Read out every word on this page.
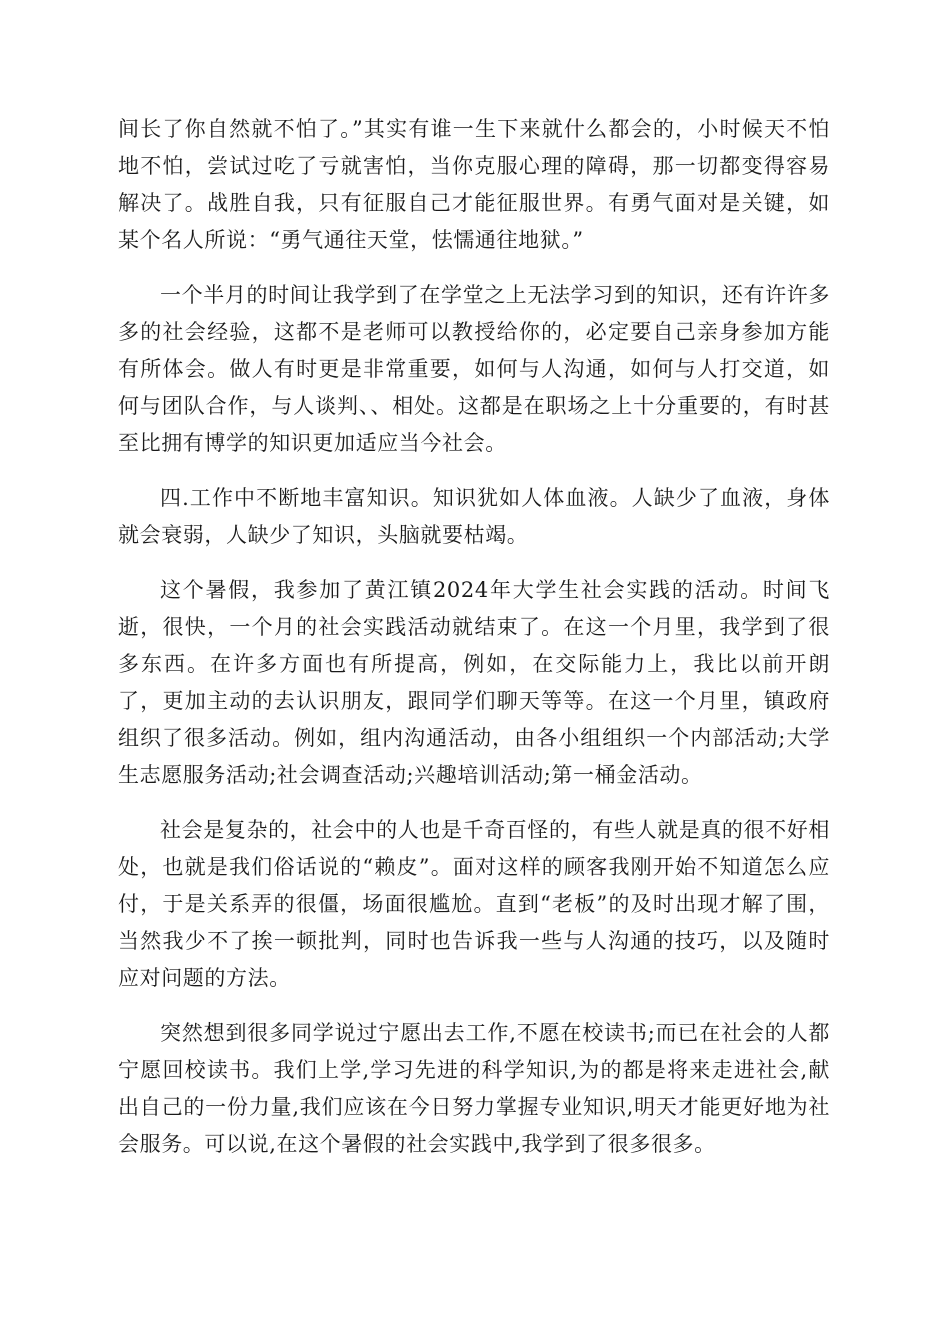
间长了你自然就不怕了。”其实有谁一生下来就什么都会的，小时候天不怕地不怕，尝试过吃了亏就害怕，当你克服心理的障碍，那一切都变得容易解决了。战胜自我，只有征服自己才能征服世界。有勇气面对是关键，如某个名人所说：“勇气通往天堂，怯懦通往地狱。”

一个半月的时间让我学到了在学堂之上无法学习到的知识，还有许许多多的社会经验，这都不是老师可以教授给你的，必定要自己亲身参加方能有所体会。做人有时更是非常重要，如何与人沟通，如何与人打交道，如何与团队合作，与人谈判、、相处。这都是在职场之上十分重要的，有时甚至比拥有博学的知识更加适应当今社会。

四.工作中不断地丰富知识。知识犹如人体血液。人缺少了血液，身体就会衰弱，人缺少了知识，头脑就要枯竭。

这个暑假，我参加了黄江镇2024年大学生社会实践的活动。时间飞逝，很快，一个月的社会实践活动就结束了。在这一个月里，我学到了很多东西。在许多方面也有所提高，例如，在交际能力上，我比以前开朗了，更加主动的去认识朋友，跟同学们聊天等等。在这一个月里，镇政府组织了很多活动。例如，组内沟通活动，由各小组组织一个内部活动;大学生志愿服务活动;社会调查活动;兴趣培训活动;第一桶金活动。

社会是复杂的，社会中的人也是千奇百怪的，有些人就是真的很不好相处，也就是我们俗话说的“赖皮”。面对这样的顾客我刚开始不知道怎么应付，于是关系弄的很僵，场面很尴尬。直到“老板”的及时出现才解了围，当然我少不了挨一顿批判，同时也告诉我一些与人沟通的技巧，以及随时应对问题的方法。

突然想到很多同学说过宁愿出去工作,不愿在校读书;而已在社会的人都宁愿回校读书。我们上学,学习先进的科学知识,为的都是将来走进社会,献出自己的一份力量,我们应该在今日努力掌握专业知识,明天才能更好地为社会服务。可以说,在这个暑假的社会实践中,我学到了很多很多。
